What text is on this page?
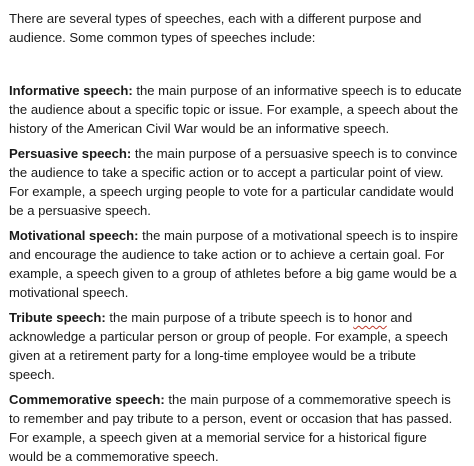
There are several types of speeches, each with a different purpose and audience. Some common types of speeches include:

Informative speech: the main purpose of an informative speech is to educate the audience about a specific topic or issue. For example, a speech about the history of the American Civil War would be an informative speech.

Persuasive speech: the main purpose of a persuasive speech is to convince the audience to take a specific action or to accept a particular point of view. For example, a speech urging people to vote for a particular candidate would be a persuasive speech.

Motivational speech: the main purpose of a motivational speech is to inspire and encourage the audience to take action or to achieve a certain goal. For example, a speech given to a group of athletes before a big game would be a motivational speech.

Tribute speech: the main purpose of a tribute speech is to honor and acknowledge a particular person or group of people. For example, a speech given at a retirement party for a long-time employee would be a tribute speech.

Commemorative speech: the main purpose of a commemorative speech is to remember and pay tribute to a person, event or occasion that has passed. For example, a speech given at a memorial service for a historical figure would be a commemorative speech.
